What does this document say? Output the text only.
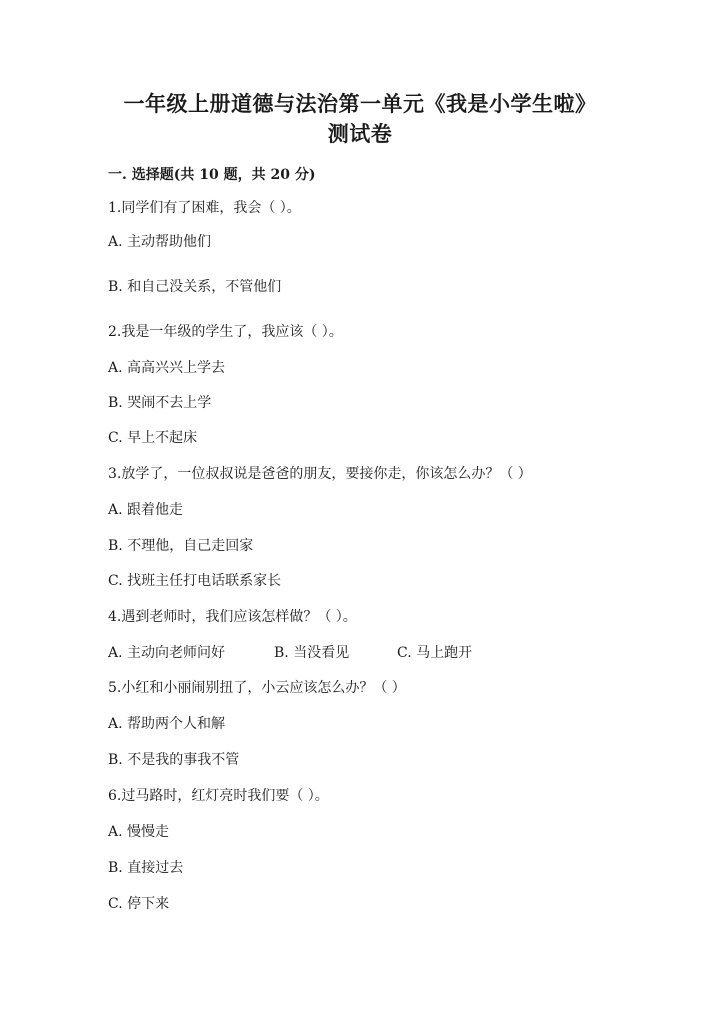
一年级上册道德与法治第一单元《我是小学生啦》
测试卷
一. 选择题(共 10 题，共 20 分)
1.同学们有了困难，我会（ ）。
A. 主动帮助他们
B. 和自己没关系，不管他们
2.我是一年级的学生了，我应该（ ）。
A. 高高兴兴上学去
B. 哭闹不去上学
C. 早上不起床
3.放学了，一位叔叔说是爸爸的朋友，要接你走，你该怎么办？（ ）
A. 跟着他走
B. 不理他，自己走回家
C. 找班主任打电话联系家长
4.遇到老师时，我们应该怎样做？（ ）。
A. 主动向老师问好	B. 当没看见	C. 马上跑开
5.小红和小丽闹别扭了，小云应该怎么办？（ ）
A. 帮助两个人和解
B. 不是我的事我不管
6.过马路时，红灯亮时我们要（ ）。
A. 慢慢走
B. 直接过去
C. 停下来
